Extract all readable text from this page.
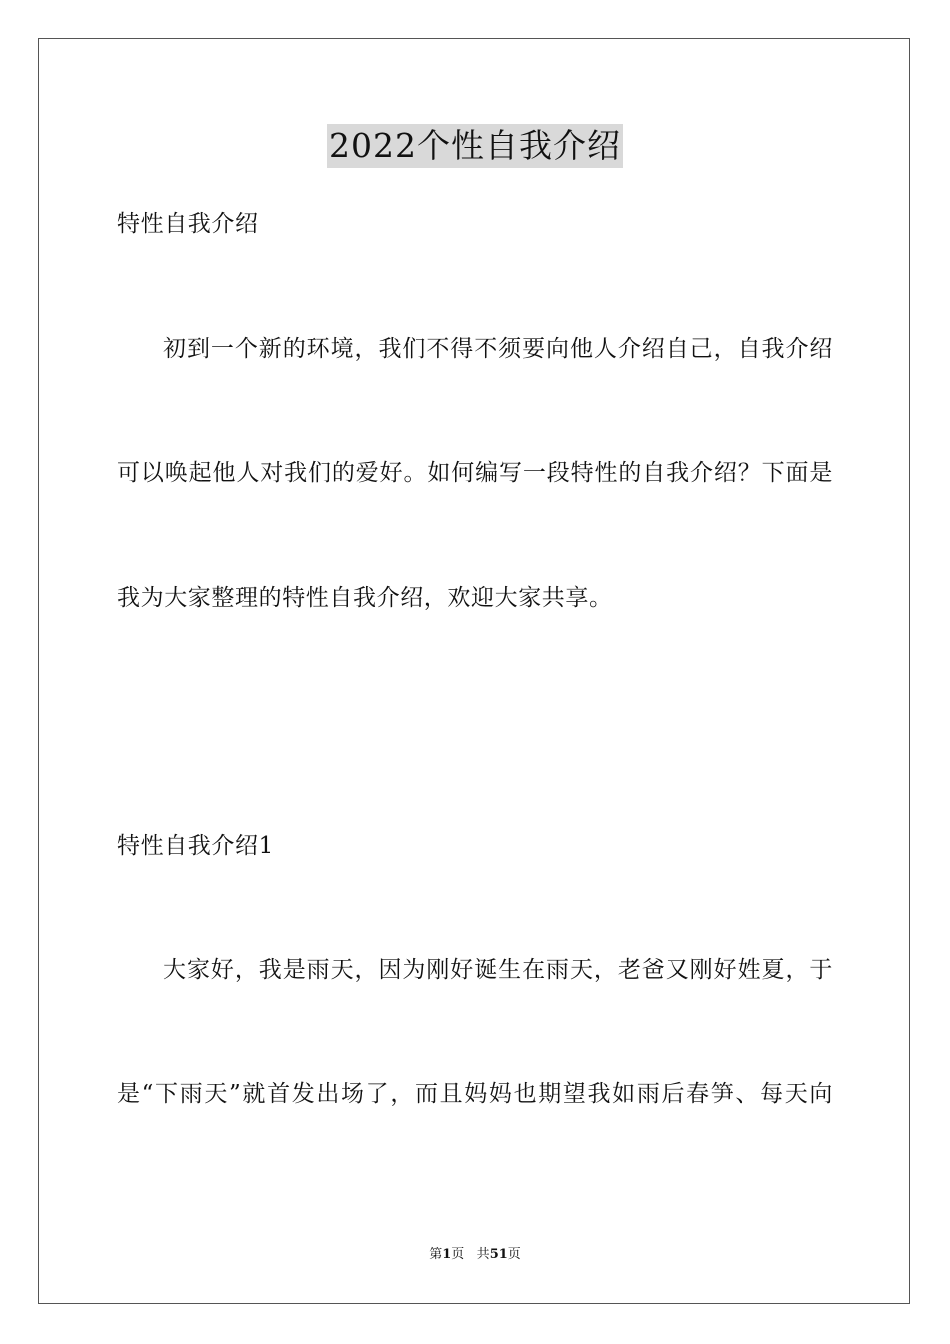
2022个性自我介绍
特性自我介绍
初到一个新的环境，我们不得不须要向他人介绍自己，自我介绍
可以唤起他人对我们的爱好。如何编写一段特性的自我介绍？下面是
我为大家整理的特性自我介绍，欢迎大家共享。
特性自我介绍1
大家好，我是雨天，因为刚好诞生在雨天，老爸又刚好姓夏，于
是“下雨天”就首发出场了，而且妈妈也期望我如雨后春笋、每天向
第1页 共51页
